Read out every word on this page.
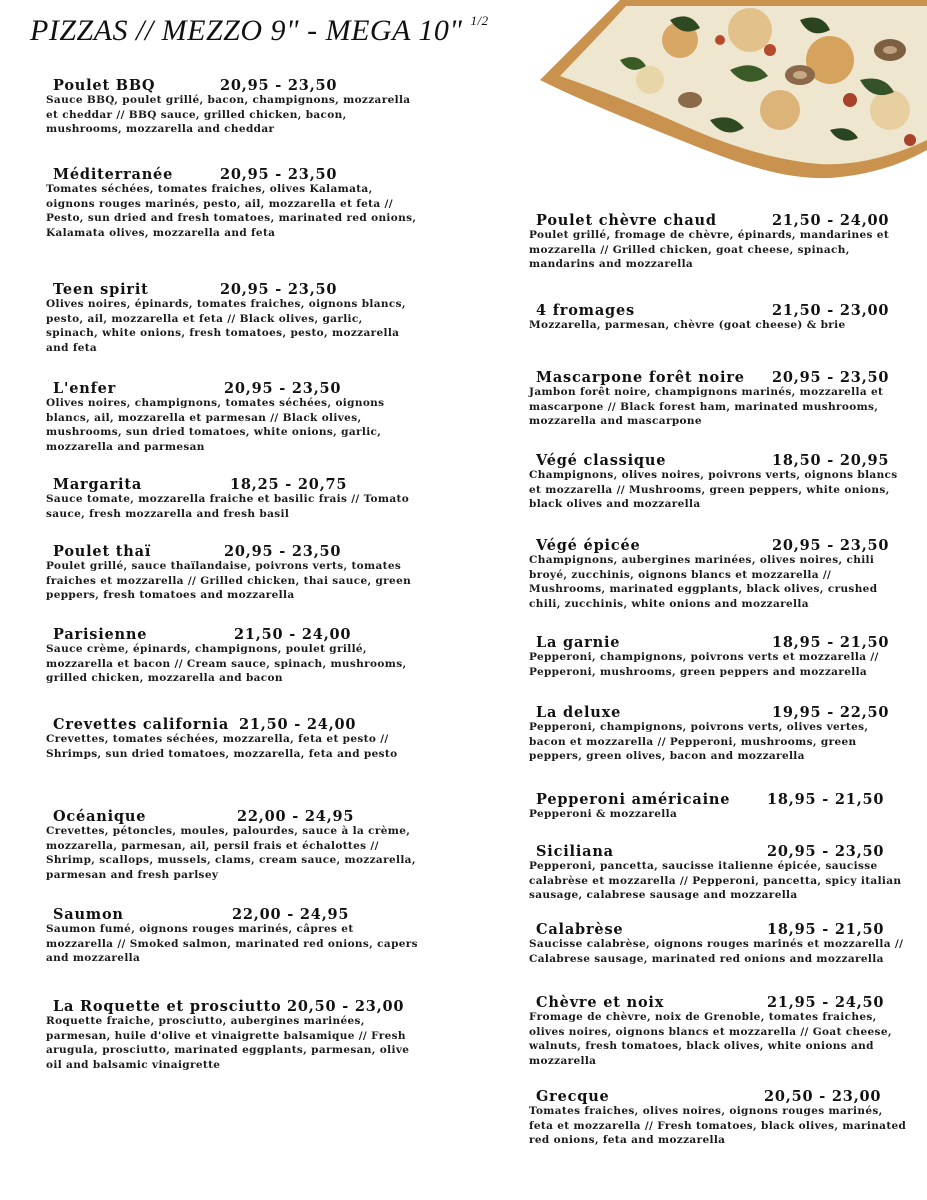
PIZZAS // MEZZO 9" - MEGA 10" $^{1/2}$
Poulet BBQ	20,95 - 23,50

Sauce BBQ, poulet grillé, bacon, champignons, mozzarella et cheddar // BBQ sauce, grilled chicken, bacon, mushrooms, mozzarella and cheddar

Méditerranée	20,95 - 23,50

Tomates séchées, tomates fraiches, olives Kalamata, oignons rouges marinés, pesto, ail, mozzarella et feta // Pesto, sun dried and fresh tomatoes, marinated red onions, Kalamata olives, mozzarella and feta

Teen spirit	20,95 - 23,50

Olives noires, épinards, tomates fraiches, oignons blancs, pesto, ail, mozzarella et feta // Black olives, garlic, spinach, white onions, fresh tomatoes, pesto, mozzarella and feta

L'enfer	20,95 - 23,50

Olives noires, champignons, tomates séchées, oignons blancs, ail, mozzarella et parmesan // Black olives, mushrooms, sun dried tomatoes, white onions, garlic, mozzarella and parmesan

Margarita	18,25 - 20,75

Sauce tomate, mozzarella fraiche et basilic frais // Tomato sauce, fresh mozzarella and fresh basil

Poulet thaï	20,95 - 23,50

Poulet grillé, sauce thaïlandaise, poivrons verts, tomates fraiches et mozzarella // Grilled chicken, thai sauce, green peppers, fresh tomatoes and mozzarella

Parisienne	21,50 - 24,00

Sauce crème, épinards, champignons, poulet grillé, mozzarella et bacon // Cream sauce, spinach, mushrooms, grilled chicken, mozzarella and bacon

Crevettes california 21,50 - 24,00

Crevettes, tomates séchées, mozzarella, feta et pesto // Shrimps, sun dried tomatoes, mozzarella, feta and pesto

Océanique	22,00 - 24,95

Crevettes, pétoncles, moules, palourdes, sauce à la crème, mozzarella, parmesan, ail, persil frais et échalottes // Shrimp, scallops, mussels, clams, cream sauce, mozzarella, parmesan and fresh parlsey

Saumon	22,00 - 24,95

Saumon fumé, oignons rouges marinés, câpres et mozzarella // Smoked salmon, marinated red onions, capers and mozzarella

La Roquette et prosciutto 20,50 - 23,00

Roquette fraiche, prosciutto, aubergines marinées, parmesan, huile d'olive et vinaigrette balsamique // Fresh arugula, prosciutto, marinated eggplants, parmesan, olive oil and balsamic vinaigrette

Poulet chèvre chaud	21,50 - 24,00

Poulet grillé, fromage de chèvre, épinards, mandarines et mozzarella // Grilled chicken, goat cheese, spinach, mandarins and mozzarella

4 fromages	21,50 - 23,00

Mozzarella, parmesan, chèvre (goat cheese) & brie

Mascarpone forêt noire 20,95 - 23,50

Jambon forêt noire, champignons marinés, mozzarella et mascarpone // Black forest ham, marinated mushrooms, mozzarella and mascarpone

Végé classique	18,50 - 20,95

Champignons, olives noires, poivrons verts, oignons blancs et mozzarella // Mushrooms, green peppers, white onions, black olives and mozzarella

Végé épicée	20,95 - 23,50

Champignons, aubergines marinées, olives noires, chili broyé, zucchinis, oignons blancs et mozzarella // Mushrooms, marinated eggplants, black olives, crushed chili, zucchinis, white onions and mozzarella

La garnie	18,95 - 21,50

Pepperoni, champignons, poivrons verts et mozzarella // Pepperoni, mushrooms, green peppers and mozzarella

La deluxe	19,95 - 22,50

Pepperoni, champignons, poivrons verts, olives vertes, bacon et mozzarella // Pepperoni, mushrooms, green peppers, green olives, bacon and mozzarella

Pepperoni américaine	18,95 - 21,50

Pepperoni & mozzarella

Siciliana	20,95 - 23,50

Pepperoni, pancetta, saucisse italienne épicée, saucisse calabrèse et mozzarella // Pepperoni, pancetta, spicy italian sausage, calabrese sausage and mozzarella

Calabrèse	18,95 - 21,50

Saucisse calabrèse, oignons rouges marinés et mozzarella // Calabrese sausage, marinated red onions and mozzarella

Chèvre et noix	21,95 - 24,50

Fromage de chèvre, noix de Grenoble, tomates fraiches, olives noires, oignons blancs et mozzarella // Goat cheese, walnuts, fresh tomatoes, black olives, white onions and mozzarella

Grecque	20,50 - 23,00

Tomates fraiches, olives noires, oignons rouges marinés, feta et mozzarella // Fresh tomatoes, black olives, marinated red onions, feta and mozzarella
